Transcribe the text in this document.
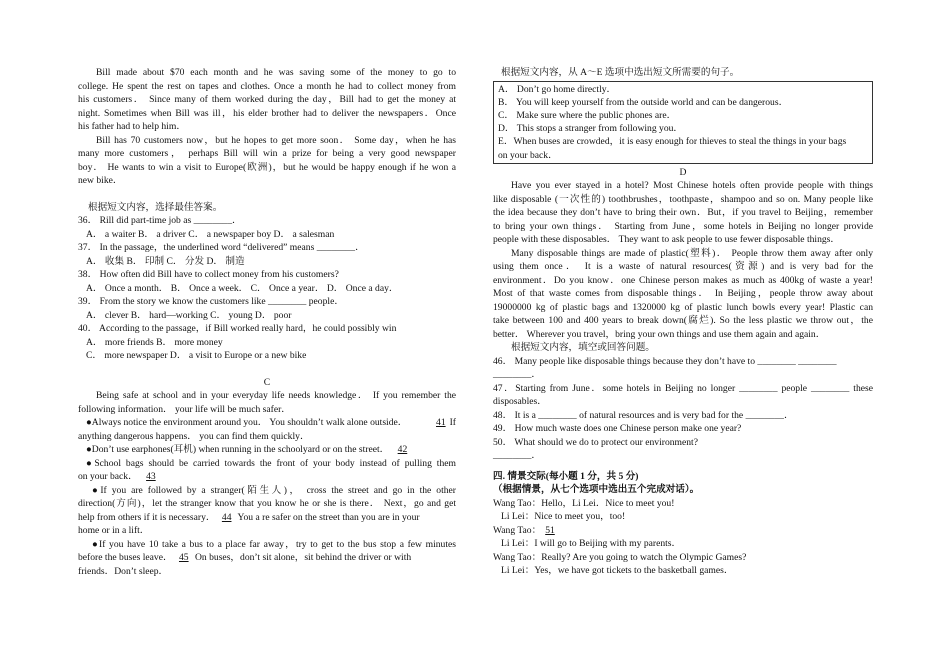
Bill made about $70 each month and he was saving some of the money to go to

college. He spent the rest on tapes and clothes. Once a month he had to collect money from

his customers． Since many of them worked during the day，Bill had to get the money at

night. Sometimes when Bill was ill，his elder brother had to deliver the newspapers．Once

his father had to help him．

Bill has 70 customers now，but he hopes to get more soon． Some day，when he has

many more customers， perhaps Bill will win a prize for being a very good newspaper

boy． He wants to win a visit to Europe(欧洲)，but he would be happy enough if he won a

new bike．

根据短文内容，选择最佳答案。

36． Rill did part-time job as ________．

A． a waiter B． a driver C． a newspaper boy D． a salesman

37． In the passage，the underlined word “delivered” means ________．

A． 收集 B． 印制 C． 分发 D． 制造

38． How often did Bill have to collect money from his customers?

A． Once a month． B． Once a week． C． Once a year． D． Once a day．

39． From the story we know the customers like ________ people．

A． clever B． hard—working C． young D． poor

40． According to the passage，if Bill worked really hard，he could possibly win

A． more friends B． more money

C． more newspaper D． a visit to Europe or a new bike

C

Being safe at school and in your everyday life needs knowledge． If you remember the

following information． your life will be much safer．

●Always notice the environment around you． You shouldn’t walk alone outside．	41 If

anything dangerous happens． you can find them quickly．

●Don’t use earphones(耳机) when running in the schoolyard or on the street． 42

●School bags should be carried towards the front of your body instead of pulling them

on your back． 43

●If you are followed by a stranger(陌生人)， cross the street and go in the other

direction(方向)，let the stranger know that you know he or she is there． Next，go and get

help from others if it is necessary． 44 You a re safer on the street than you are in your

home or in a lift．

●If you have 10 take a bus to a place far away，try to get to the bus stop a few minutes

before the buses leave． 45 On buses，don’t sit alone，sit behind the driver or with

friends．Don’t sleep．

根据短文内容，从 A～E 选项中选出短文所需要的句子。

A． Don’t go home directly．

B． You will keep yourself from the outside world and can be dangerous．

C． Make sure where the public phones are．

D． This stops a stranger from following you．

E．When buses are crowded，it is easy enough for thieves to steal the things in your bags

on your back．

D

Have you ever stayed in a hotel? Most Chinese hotels often provide people with things

like disposable (一次性的) toothbrushes，toothpaste，shampoo and so on. Many people like

the idea because they don’t have to bring their own．But，if you travel to Beijing，remember

to bring your own things． Starting from June，some hotels in Beijing no longer provide

people with these disposables． They want to ask people to use fewer disposable things．

Many disposable things are made of plastic(塑料)． People throw them away after only

using them once． It is a waste of natural resources(资源) and is very bad for the

environment．Do you know．one Chinese person makes as much as 400kg of waste a year!

Most of that waste comes from disposable things． In Beijing，people throw away about

19000000 kg of plastic bags and 1320000 kg of plastic lunch bowls every year! Plastic can

take between 100 and 400 years to break down(腐烂). So the less plastic we throw out，the

better． Wherever you travel，bring your own things and use them again and again．

根据短文内容，填空或回答问题。

46． Many people like disposable things because they don’t have to ________ ________

________．

47．Starting from June．some hotels in Beijing no longer ________ people ________ these

disposables．

48． It is a ________ of natural resources and is very bad for the ________．

49． How much waste does one Chinese person make one year?

50． What should we do to protect our environment?

________．

四. 情景交际(每小题 1 分，共 5 分)

（根据情景，从七个选项中选出五个完成对话）。

Wang Tao：Hello，Li Lei．Nice to meet you!

Li Lei：Nice to meet you，too!

Wang Tao： 51

Li Lei：I will go to Beijing with my parents．

Wang Tao：Really? Are you going to watch the Olympic Games?

Li Lei：Yes，we have got tickets to the basketball games．
